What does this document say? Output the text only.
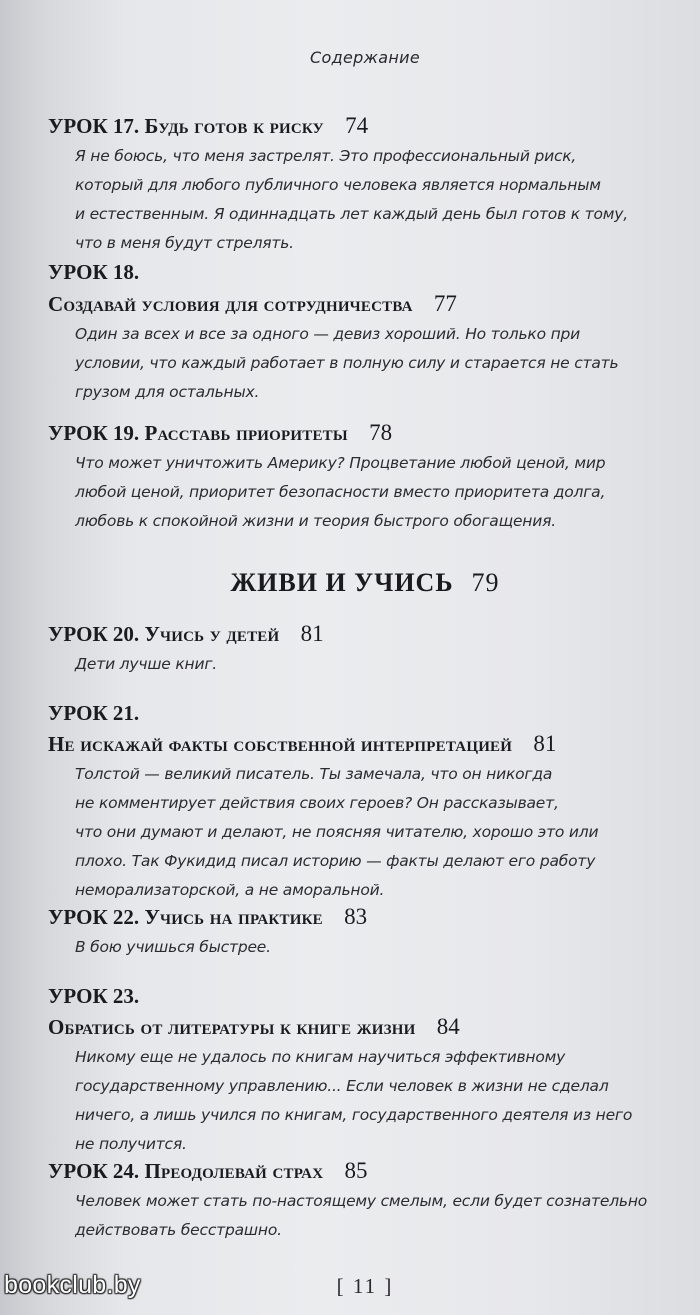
Содержание
УРОК 17. Будь готов к риску 74
Я не боюсь, что меня застрелят. Это профессиональный риск,
который для любого публичного человека является нормальным
и естественным. Я одиннадцать лет каждый день был готов к тому,
что в меня будут стрелять.
УРОК 18.
Создавай условия для сотрудничества 77
Один за всех и все за одного — девиз хороший. Но только при
условии, что каждый работает в полную силу и старается не стать
грузом для остальных.
УРОК 19. Расставь приоритеты 78
Что может уничтожить Америку? Процветание любой ценой, мир
любой ценой, приоритет безопасности вместо приоритета долга,
любовь к спокойной жизни и теория быстрого обогащения.
ЖИВИ И УЧИСЬ 79
УРОК 20. Учись у детей 81
Дети лучше книг.
УРОК 21.
Не искажай факты собственной интерпретацией 81
Толстой — великий писатель. Ты замечала, что он никогда
не комментирует действия своих героев? Он рассказывает,
что они думают и делают, не поясняя читателю, хорошо это или
плохо. Так Фукидид писал историю — факты делают его работу
неморализаторской, а не аморальной.
УРОК 22. Учись на практике 83
В бою учишься быстрее.
УРОК 23.
Обратись от литературы к книге жизни 84
Никому еще не удалось по книгам научиться эффективному
государственному управлению... Если человек в жизни не сделал
ничего, а лишь учился по книгам, государственного деятеля из него
не получится.
УРОК 24. Преодолевай страх 85
Человек может стать по-настоящему смелым, если будет сознательно
действовать бесстрашно.
[ 11 ]
bookclub.by
